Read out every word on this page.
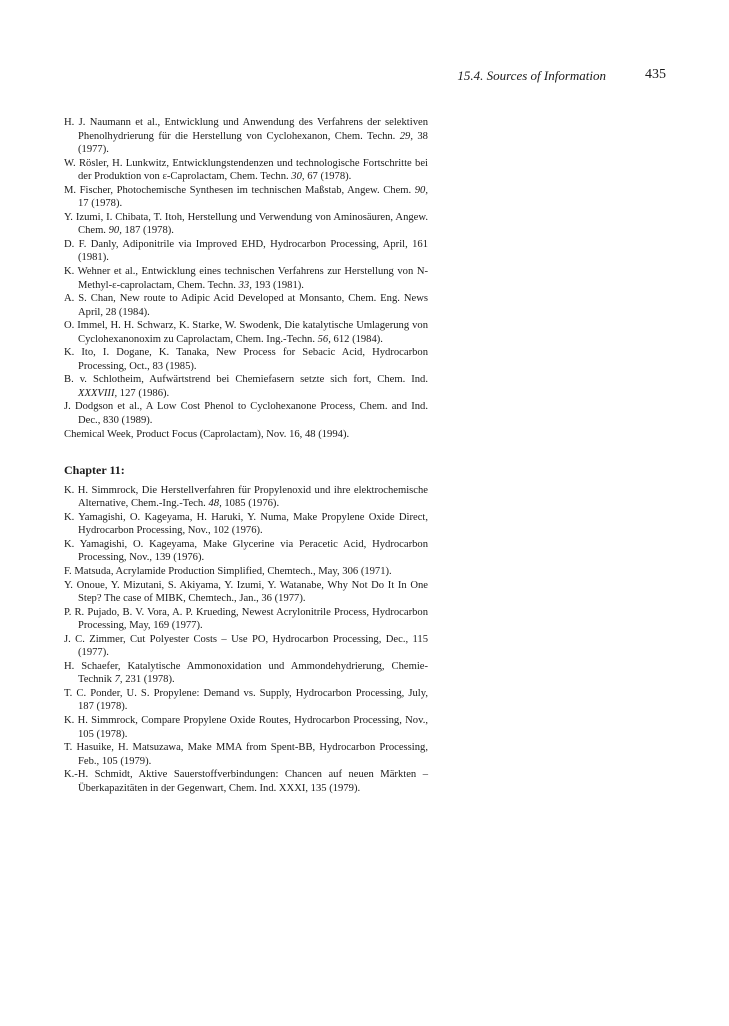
15.4. Sources of Information	435

H. J. Naumann et al., Entwicklung und Anwendung des Verfahrens der selektiven Phenolhydrierung für die Herstellung von Cyclohexanon, Chem. Techn. 29, 38 (1977).

W. Rösler, H. Lunkwitz, Entwicklungstendenzen und technologische Fortschritte bei der Produktion von ε-Caprolactam, Chem. Techn. 30, 67 (1978).

M. Fischer, Photochemische Synthesen im technischen Maßstab, Angew. Chem. 90, 17 (1978).

Y. Izumi, I. Chibata, T. Itoh, Herstellung und Verwendung von Aminosäuren, Angew. Chem. 90, 187 (1978).

D. F. Danly, Adiponitrile via Improved EHD, Hydrocarbon Processing, April, 161 (1981).

K. Wehner et al., Entwicklung eines technischen Verfahrens zur Herstellung von N-Methyl-ε-caprolactam, Chem. Techn. 33, 193 (1981).

A. S. Chan, New route to Adipic Acid Developed at Monsanto, Chem. Eng. News April, 28 (1984).

O. Immel, H. H. Schwarz, K. Starke, W. Swodenk, Die katalytische Umlagerung von Cyclohexanonoxim zu Caprolactam, Chem. Ing.-Techn. 56, 612 (1984).

K. Ito, I. Dogane, K. Tanaka, New Process for Sebacic Acid, Hydrocarbon Processing, Oct., 83 (1985).

B. v. Schlotheim, Aufwärtstrend bei Chemiefasern setzte sich fort, Chem. Ind. XXXVIII, 127 (1986).

J. Dodgson et al., A Low Cost Phenol to Cyclohexanone Process, Chem. and Ind. Dec., 830 (1989).

Chemical Week, Product Focus (Caprolactam), Nov. 16, 48 (1994).

Chapter 11:

K. H. Simmrock, Die Herstellverfahren für Propylenoxid und ihre elektrochemische Alternative, Chem.-Ing.-Tech. 48, 1085 (1976).

K. Yamagishi, O. Kageyama, H. Haruki, Y. Numa, Make Propylene Oxide Direct, Hydrocarbon Processing, Nov., 102 (1976).

K. Yamagishi, O. Kageyama, Make Glycerine via Peracetic Acid, Hydrocarbon Processing, Nov., 139 (1976).

F. Matsuda, Acrylamide Production Simplified, Chemtech., May, 306 (1971).

Y. Onoue, Y. Mizutani, S. Akiyama, Y. Izumi, Y. Watanabe, Why Not Do It In One Step? The case of MIBK, Chemtech., Jan., 36 (1977).

P. R. Pujado, B. V. Vora, A. P. Krueding, Newest Acrylonitrile Process, Hydrocarbon Processing, May, 169 (1977).

J. C. Zimmer, Cut Polyester Costs – Use PO, Hydrocarbon Processing, Dec., 115 (1977).

H. Schaefer, Katalytische Ammonoxidation und Ammondehydrierung, Chemie-Technik 7, 231 (1978).

T. C. Ponder, U. S. Propylene: Demand vs. Supply, Hydrocarbon Processing, July, 187 (1978).

K. H. Simmrock, Compare Propylene Oxide Routes, Hydrocarbon Processing, Nov., 105 (1978).

T. Hasuike, H. Matsuzawa, Make MMA from Spent-BB, Hydrocarbon Processing, Feb., 105 (1979).

K.-H. Schmidt, Aktive Sauerstoffverbindungen: Chancen auf neuen Märkten – Überkapazitäten in der Gegenwart, Chem. Ind. XXXI, 135 (1979).
